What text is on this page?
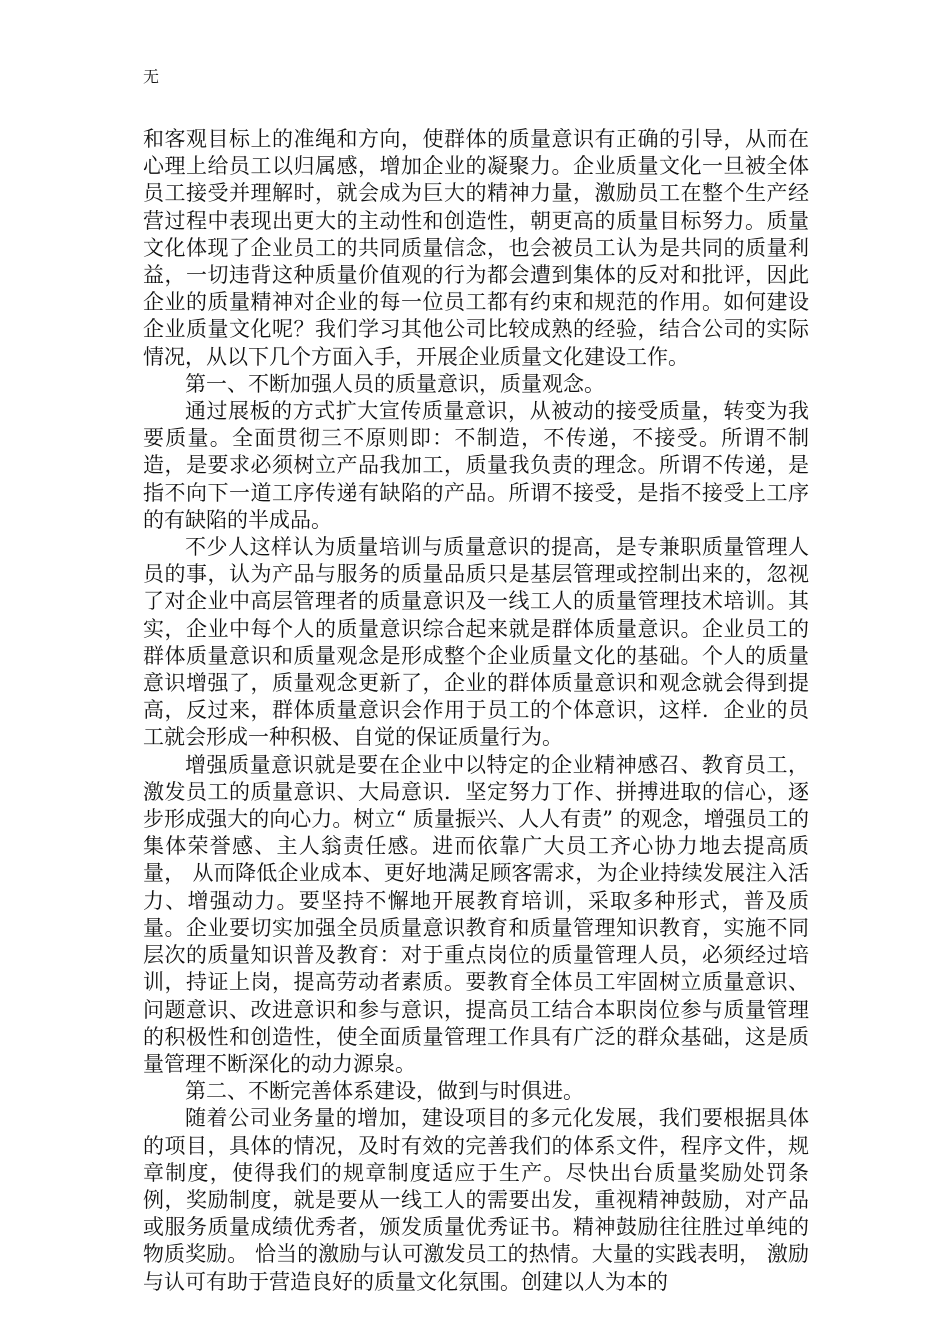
无

和客观目标上的准绳和方向，使群体的质量意识有正确的引导，从而在心理上给员工以归属感，增加企业的凝聚力。企业质量文化一旦被全体员工接受并理解时，就会成为巨大的精神力量，激励员工在整个生产经营过程中表现出更大的主动性和创造性，朝更高的质量目标努力。质量文化体现了企业员工的共同质量信念，也会被员工认为是共同的质量利益，一切违背这种质量价值观的行为都会遭到集体的反对和批评，因此企业的质量精神对企业的每一位员工都有约束和规范的作用。如何建设企业质量文化呢？我们学习其他公司比较成熟的经验，结合公司的实际情况，从以下几个方面入手，开展企业质量文化建设工作。

第一、不断加强人员的质量意识，质量观念。

通过展板的方式扩大宣传质量意识，从被动的接受质量，转变为我要质量。全面贯彻三不原则即：不制造，不传递，不接受。所谓不制造，是要求必须树立产品我加工，质量我负责的理念。所谓不传递，是指不向下一道工序传递有缺陷的产品。所谓不接受，是指不接受上工序的有缺陷的半成品。

不少人这样认为质量培训与质量意识的提高，是专兼职质量管理人员的事，认为产品与服务的质量品质只是基层管理或控制出来的，忽视了对企业中高层管理者的质量意识及一线工人的质量管理技术培训。其实，企业中每个人的质量意识综合起来就是群体质量意识。企业员工的群体质量意识和质量观念是形成整个企业质量文化的基础。个人的质量意识增强了，质量观念更新了，企业的群体质量意识和观念就会得到提高，反过来，群体质量意识会作用于员工的个体意识，这样．企业的员工就会形成一种积极、自觉的保证质量行为。

增强质量意识就是要在企业中以特定的企业精神感召、教育员工，激发员工的质量意识、大局意识．坚定努力丁作、拼搏进取的信心，逐步形成强大的向心力。树立“ 质量振兴、人人有责” 的观念，增强员工的集体荣誉感、主人翁责任感。进而依靠广大员工齐心协力地去提高质量， 从而降低企业成本、更好地满足顾客需求，为企业持续发展注入活力、增强动力。要坚持不懈地开展教育培训，采取多种形式，普及质量。企业要切实加强全员质量意识教育和质量管理知识教育，实施不同层次的质量知识普及教育：对于重点岗位的质量管理人员，必须经过培训，持证上岗，提高劳动者素质。要教育全体员工牢固树立质量意识、问题意识、改进意识和参与意识，提高员工结合本职岗位参与质量管理的积极性和创造性，使全面质量管理工作具有广泛的群众基础，这是质量管理不断深化的动力源泉。

第二、不断完善体系建设，做到与时俱进。

随着公司业务量的增加，建设项目的多元化发展，我们要根据具体的项目，具体的情况，及时有效的完善我们的体系文件，程序文件，规章制度，使得我们的规章制度适应于生产。尽快出台质量奖励处罚条例，奖励制度，就是要从一线工人的需要出发，重视精神鼓励，对产品或服务质量成绩优秀者，颁发质量优秀证书。精神鼓励往往胜过单纯的物质奖励。 恰当的激励与认可激发员工的热情。大量的实践表明， 激励与认可有助于营造良好的质量文化氛围。创建以人为本的
